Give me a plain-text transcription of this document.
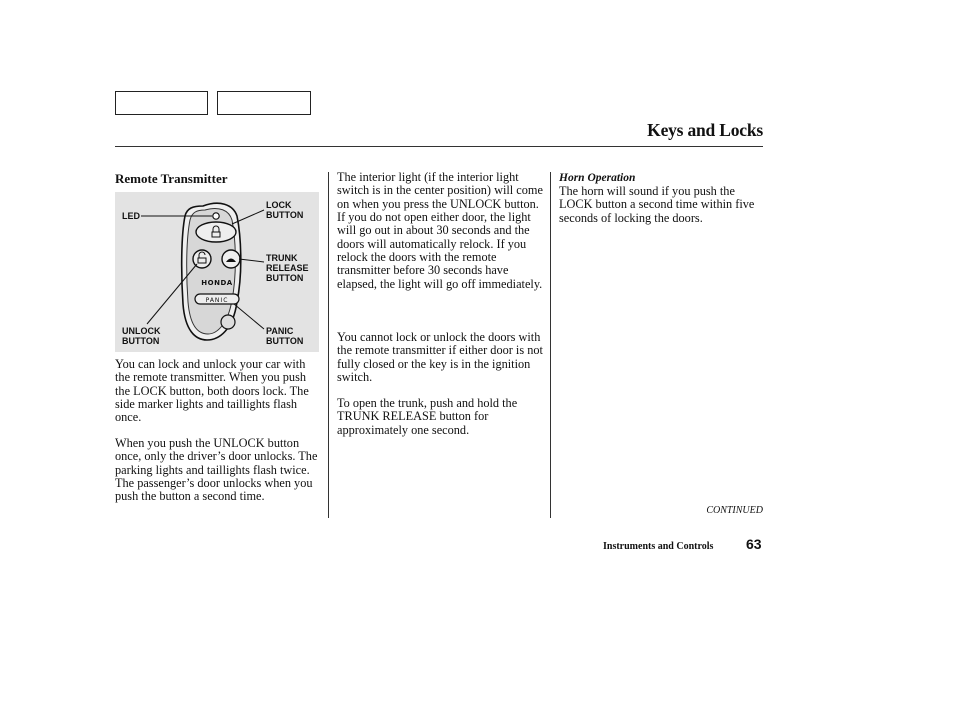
Keys and Locks
Remote Transmitter
HONDA
PANIC
LED
LOCK
BUTTON
TRUNK
RELEASE
BUTTON
UNLOCK
BUTTON
PANIC
BUTTON

You can lock and unlock your car with the remote transmitter. When you push the LOCK button, both doors lock. The side marker lights and taillights flash once.

When you push the UNLOCK button once, only the driver’s door unlocks. The parking lights and taillights flash twice. The passenger’s door unlocks when you push the button a second time.

The interior light (if the interior light switch is in the center position) will come on when you press the UNLOCK button. If you do not open either door, the light will go out in about 30 seconds and the doors will automatically relock. If you relock the doors with the remote transmitter before 30 seconds have elapsed, the light will go off immediately.

You cannot lock or unlock the doors with the remote transmitter if either door is not fully closed or the key is in the ignition switch.

To open the trunk, push and hold the TRUNK RELEASE button for approximately one second.

Horn Operation

The horn will sound if you push the LOCK button a second time within five seconds of locking the doors.

CONTINUED
Instruments and Controls 63
